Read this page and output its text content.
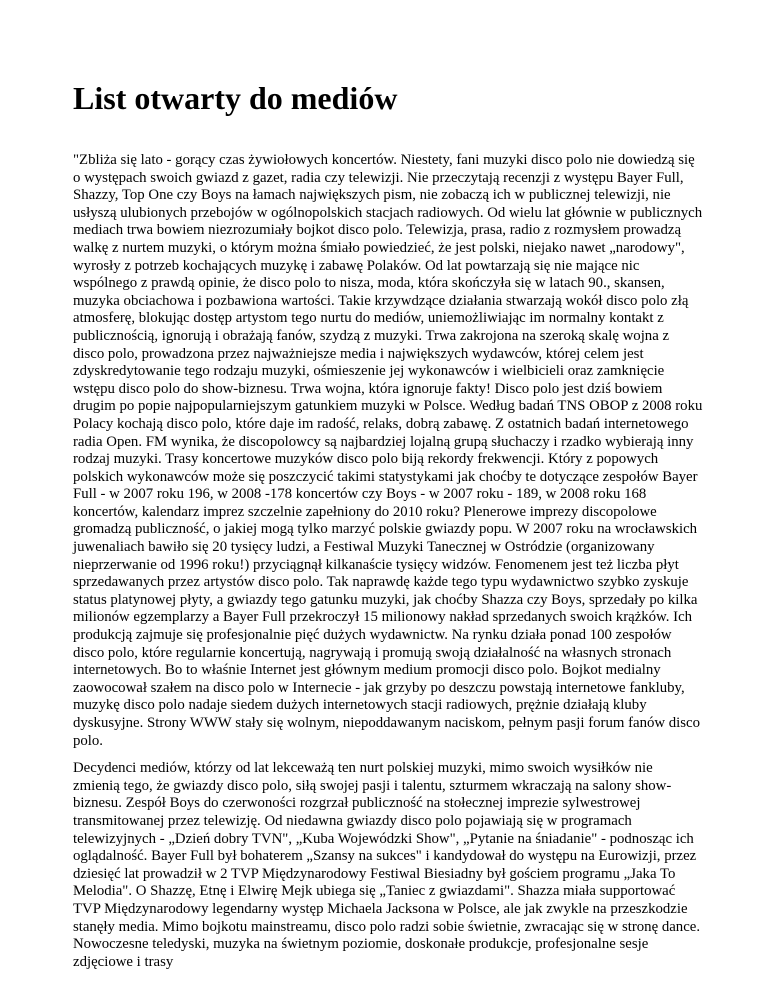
List otwarty do mediów

"Zbliża się lato - gorący czas żywiołowych koncertów. Niestety, fani muzyki disco polo nie dowiedzą się o występach swoich gwiazd z gazet, radia czy telewizji. Nie przeczytają recenzji z występu Bayer Full, Shazzy, Top One czy Boys na łamach największych pism, nie zobaczą ich w publicznej telewizji, nie usłyszą ulubionych przebojów w ogólnopolskich stacjach radiowych. Od wielu lat głównie w publicznych mediach trwa bowiem niezrozumiały bojkot disco polo. Telewizja, prasa, radio z rozmysłem prowadzą walkę z nurtem muzyki, o którym można śmiało powiedzieć, że jest polski, niejako nawet „narodowy", wyrosły z potrzeb kochających muzykę i zabawę Polaków. Od lat powtarzają się nie mające nic wspólnego z prawdą opinie, że disco polo to nisza, moda, która skończyła się w latach 90., skansen, muzyka obciachowa i pozbawiona wartości. Takie krzywdzące działania stwarzają wokół disco polo złą atmosferę, blokując dostęp artystom tego nurtu do mediów, uniemożliwiając im normalny kontakt z publicznością, ignorują i obrażają fanów, szydzą z muzyki. Trwa zakrojona na szeroką skalę wojna z disco polo, prowadzona przez najważniejsze media i największych wydawców, której celem jest zdyskredytowanie tego rodzaju muzyki, ośmieszenie jej wykonawców i wielbicieli oraz zamknięcie wstępu disco polo do show-biznesu. Trwa wojna, która ignoruje fakty! Disco polo jest dziś bowiem drugim po popie najpopularniejszym gatunkiem muzyki w Polsce. Według badań TNS OBOP z 2008 roku Polacy kochają disco polo, które daje im radość, relaks, dobrą zabawę. Z ostatnich badań internetowego radia Open. FM wynika, że discopolowcy są najbardziej lojalną grupą słuchaczy i rzadko wybierają inny rodzaj muzyki. Trasy koncertowe muzyków disco polo biją rekordy frekwencji. Który z popowych polskich wykonawców może się poszczycić takimi statystykami jak choćby te dotyczące zespołów Bayer Full - w 2007 roku 196, w 2008 -178 koncertów czy Boys - w 2007 roku - 189, w 2008 roku 168 koncertów, kalendarz imprez szczelnie zapełniony do 2010 roku? Plenerowe imprezy discopolowe gromadzą publiczność, o jakiej mogą tylko marzyć polskie gwiazdy popu. W 2007 roku na wrocławskich juwenaliach bawiło się 20 tysięcy ludzi, a Festiwal Muzyki Tanecznej w Ostródzie (organizowany nieprzerwanie od 1996 roku!) przyciągnął kilkanaście tysięcy widzów. Fenomenem jest też liczba płyt sprzedawanych przez artystów disco polo. Tak naprawdę każde tego typu wydawnictwo szybko zyskuje status platynowej płyty, a gwiazdy tego gatunku muzyki, jak choćby Shazza czy Boys, sprzedały po kilka milionów egzemplarzy a Bayer Full przekroczył 15 milionowy nakład sprzedanych swoich krążków. Ich produkcją zajmuje się profesjonalnie pięć dużych wydawnictw. Na rynku działa ponad 100 zespołów disco polo, które regularnie koncertują, nagrywają i promują swoją działalność na własnych stronach internetowych. Bo to właśnie Internet jest głównym medium promocji disco polo. Bojkot medialny zaowocował szałem na disco polo w Internecie - jak grzyby po deszczu powstają internetowe fankluby, muzykę disco polo nadaje siedem dużych internetowych stacji radiowych, prężnie działają kluby dyskusyjne. Strony WWW stały się wolnym, niepoddawanym naciskom, pełnym pasji forum fanów disco polo.

Decydenci mediów, którzy od lat lekceważą ten nurt polskiej muzyki, mimo swoich wysiłków nie zmienią tego, że gwiazdy disco polo, siłą swojej pasji i talentu, szturmem wkraczają na salony show-biznesu. Zespół Boys do czerwoności rozgrzał publiczność na stołecznej imprezie sylwestrowej transmitowanej przez telewizję. Od niedawna gwiazdy disco polo pojawiają się w programach telewizyjnych - „Dzień dobry TVN", „Kuba Wojewódzki Show", „Pytanie na śniadanie" - podnosząc ich oglądalność. Bayer Full był bohaterem „Szansy na sukces" i kandydował do występu na Eurowizji, przez dziesięć lat prowadził w 2 TVP Międzynarodowy Festiwal Biesiadny był gościem programu „Jaka To Melodia". O Shazzę, Etnę i Elwirę Mejk ubiega się „Taniec z gwiazdami". Shazza miała supportować TVP Międzynarodowy legendarny występ Michaela Jacksona w Polsce, ale jak zwykle na przeszkodzie stanęły media. Mimo bojkotu mainstreamu, disco polo radzi sobie świetnie, zwracając się w stronę dance. Nowoczesne teledyski, muzyka na świetnym poziomie, doskonałe produkcje, profesjonalne sesje zdjęciowe i trasy
